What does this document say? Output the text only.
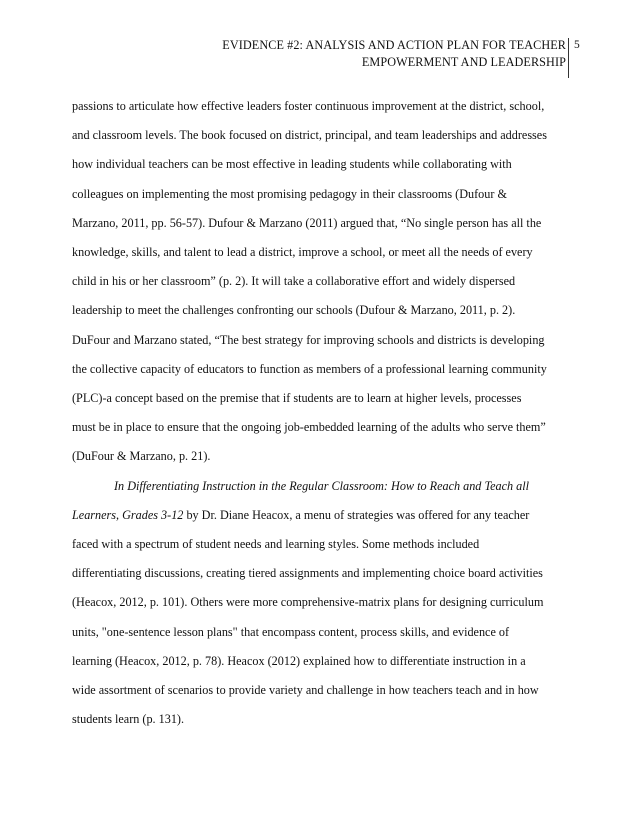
EVIDENCE #2: ANALYSIS AND ACTION PLAN FOR TEACHER
EMPOWERMENT AND LEADERSHIP
5

passions to articulate how effective leaders foster continuous improvement at the district, school,
and classroom levels. The book focused on district, principal, and team leaderships and addresses
how individual teachers can be most effective in leading students while collaborating with
colleagues on implementing the most promising pedagogy in their classrooms (Dufour &
Marzano, 2011, pp. 56-57). Dufour & Marzano (2011) argued that, “No single person has all the
knowledge, skills, and talent to lead a district, improve a school, or meet all the needs of every
child in his or her classroom” (p. 2). It will take a collaborative effort and widely dispersed
leadership to meet the challenges confronting our schools (Dufour & Marzano, 2011, p. 2).
DuFour and Marzano stated, “The best strategy for improving schools and districts is developing
the collective capacity of educators to function as members of a professional learning community
(PLC)-a concept based on the premise that if students are to learn at higher levels, processes
must be in place to ensure that the ongoing job-embedded learning of the adults who serve them”
(DuFour & Marzano, p. 21).

In Differentiating Instruction in the Regular Classroom: How to Reach and Teach all
Learners, Grades 3-12 by Dr. Diane Heacox, a menu of strategies was offered for any teacher
faced with a spectrum of student needs and learning styles. Some methods included
differentiating discussions, creating tiered assignments and implementing choice board activities
(Heacox, 2012, p. 101). Others were more comprehensive-matrix plans for designing curriculum
units, "one-sentence lesson plans" that encompass content, process skills, and evidence of
learning (Heacox, 2012, p. 78). Heacox (2012) explained how to differentiate instruction in a
wide assortment of scenarios to provide variety and challenge in how teachers teach and in how
students learn (p. 131).
